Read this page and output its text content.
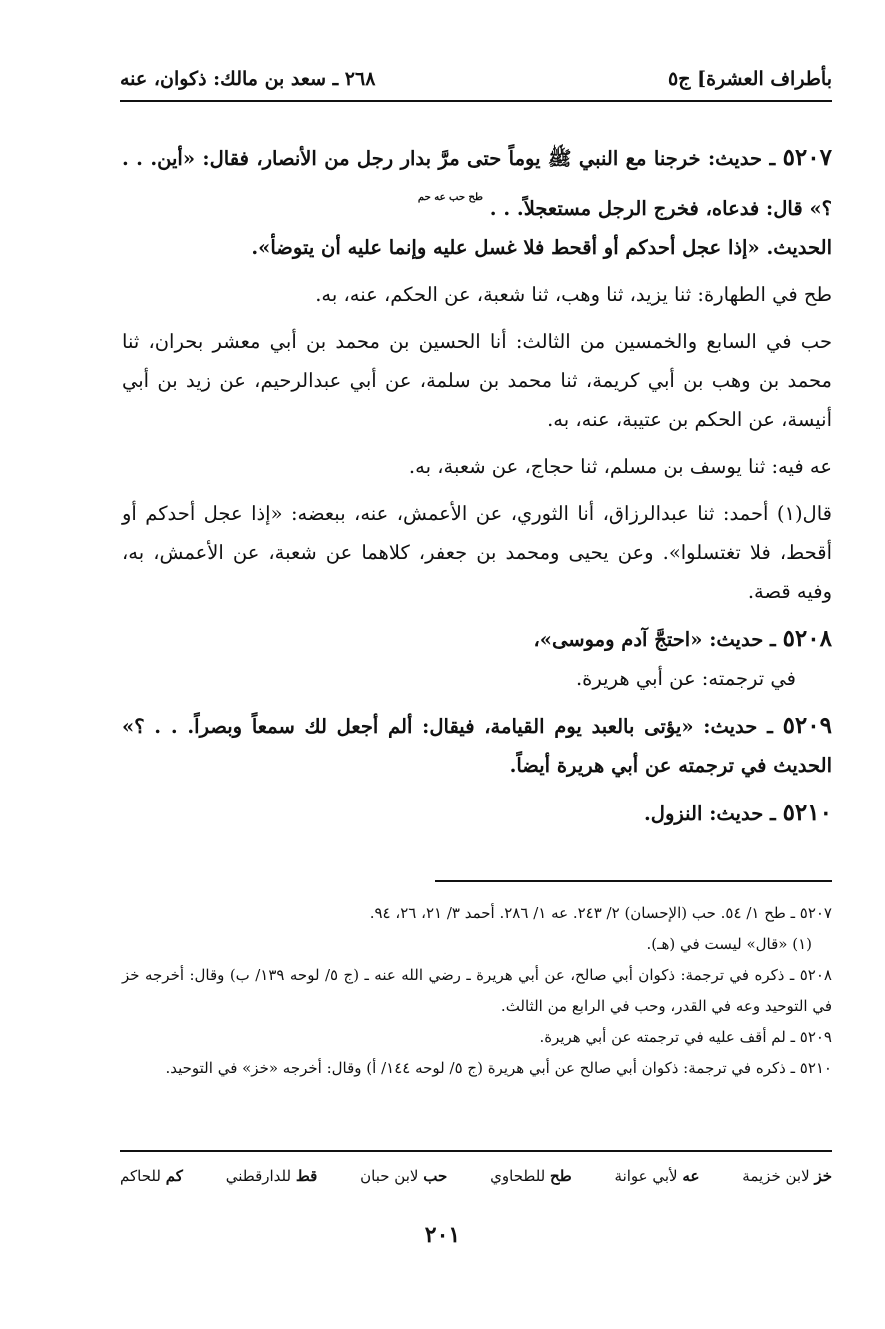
بأطراف العشرة] ج٥
٢٦٨ ـ سعد بن مالك: ذكوان، عنه
٥٢٠٧ ـ حديث: خرجنا مع النبي ﷺ يوماً حتى مرَّ بدار رجل من الأنصار، فقال: «أين. . . ؟» قال: فدعاه، فخرج الرجل مستعجلاً. . . $^{طح حب عه حم}$
الحديث. «إذا عجل أحدكم أو أقحط فلا غسل عليه وإنما عليه أن يتوضأ».
طح في الطهارة: ثنا يزيد، ثنا وهب، ثنا شعبة، عن الحكم، عنه، به.
حب في السابع والخمسين من الثالث: أنا الحسين بن محمد بن أبي معشر بحران، ثنا محمد بن وهب بن أبي كريمة، ثنا محمد بن سلمة، عن أبي عبدالرحيم، عن زيد بن أبي أنيسة، عن الحكم بن عتيبة، عنه، به.
عه فيه: ثنا يوسف بن مسلم، ثنا حجاج، عن شعبة، به.
قال(١) أحمد: ثنا عبدالرزاق، أنا الثوري، عن الأعمش، عنه، ببعضه: «إذا عجل أحدكم أو أقحط، فلا تغتسلوا». وعن يحيى ومحمد بن جعفر، كلاهما عن شعبة، عن الأعمش، به، وفيه قصة.
٥٢٠٨ ـ حديث: «احتجَّ آدم وموسى»،
في ترجمته: عن أبي هريرة.
٥٢٠٩ ـ حديث: «يؤتى بالعبد يوم القيامة، فيقال: ألم أجعل لك سمعاً وبصراً. . . ؟» الحديث في ترجمته عن أبي هريرة أيضاً.
٥٢١٠ ـ حديث: النزول.
٥٢٠٧ ـ طح ١/ ٥٤. حب (الإحسان) ٢/ ٢٤٣. عه ١/ ٢٨٦. أحمد ٣/ ٢١، ٢٦، ٩٤.
(١) «قال» ليست في (هـ).
٥٢٠٨ ـ ذكره في ترجمة: ذكوان أبي صالح، عن أبي هريرة ـ رضي الله عنه ـ (ج ٥/ لوحه ١٣٩/ ب) وقال: أخرجه خز في التوحيد وعه في القدر، وحب في الرابع من الثالث.
٥٢٠٩ ـ لم أقف عليه في ترجمته عن أبي هريرة.
٥٢١٠ ـ ذكره في ترجمة: ذكوان أبي صالح عن أبي هريرة (ج ٥/ لوحه ١٤٤/ أ) وقال: أخرجه «خز» في التوحيد.
خز لابن خزيمة
عه لأبي عوانة
طح للطحاوي
حب لابن حبان
قط للدارقطني
كم للحاكم
٢٠١
